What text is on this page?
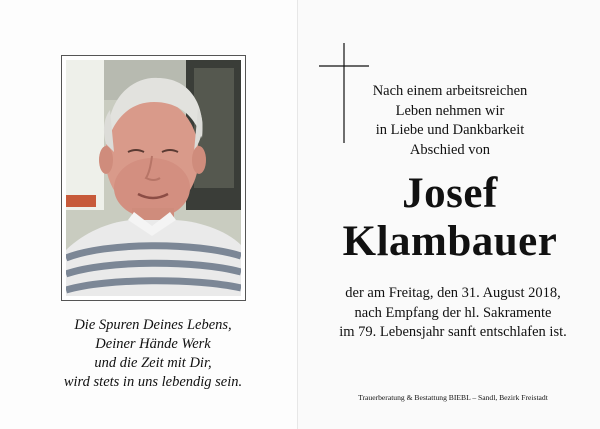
Die Spuren Deines Lebens,
Deiner Hände Werk
und die Zeit mit Dir,
wird stets in uns lebendig sein.
Nach einem arbeitsreichen
Leben nehmen wir
in Liebe und Dankbarkeit
Abschied von
Josef
Klambauer
der am Freitag, den 31. August 2018,
nach Empfang der hl. Sakramente
im 79. Lebensjahr sanft entschlafen ist.
Trauerberatung & Bestattung BIEBL – Sandl, Bezirk Freistadt
